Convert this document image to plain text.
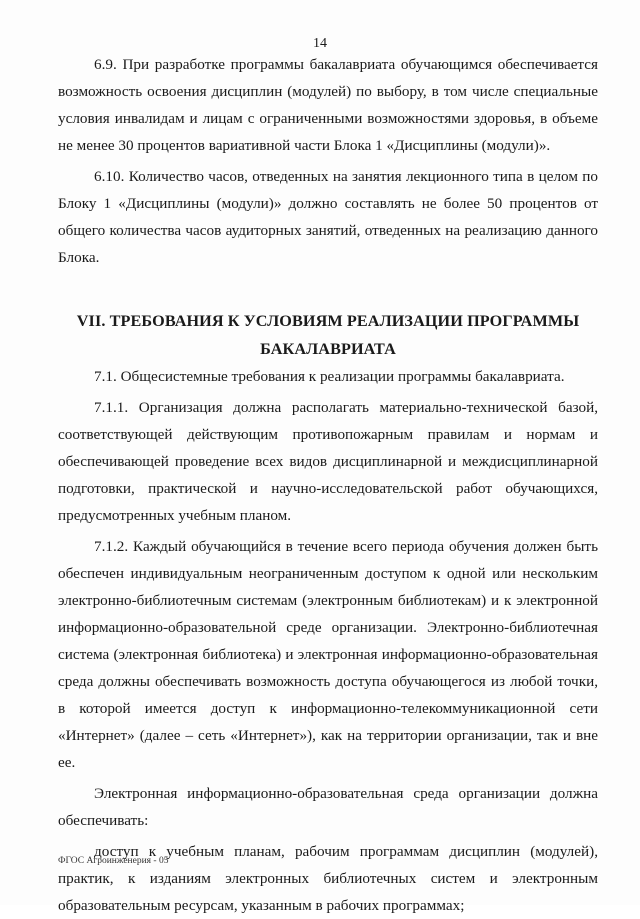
14

6.9. При разработке программы бакалавриата обучающимся обеспечивается возможность освоения дисциплин (модулей) по выбору, в том числе специальные условия инвалидам и лицам с ограниченными возможностями здоровья, в объеме не менее 30 процентов вариативной части Блока 1 «Дисциплины (модули)».

6.10. Количество часов, отведенных на занятия лекционного типа в целом по Блоку 1 «Дисциплины (модули)» должно составлять не более 50 процентов от общего количества часов аудиторных занятий, отведенных на реализацию данного Блока.

VII. ТРЕБОВАНИЯ К УСЛОВИЯМ РЕАЛИЗАЦИИ ПРОГРАММЫ
БАКАЛАВРИАТА

7.1. Общесистемные требования к реализации программы бакалавриата.

7.1.1. Организация должна располагать материально-технической базой, соответствующей действующим противопожарным правилам и нормам и обеспечивающей проведение всех видов дисциплинарной и междисциплинарной подготовки, практической и научно-исследовательской работ обучающихся, предусмотренных учебным планом.

7.1.2. Каждый обучающийся в течение всего периода обучения должен быть обеспечен индивидуальным неограниченным доступом к одной или нескольким электронно-библиотечным системам (электронным библиотекам) и к электронной информационно-образовательной среде организации. Электронно-библиотечная система (электронная библиотека) и электронная информационно-образовательная среда должны обеспечивать возможность доступа обучающегося из любой точки, в которой имеется доступ к информационно-телекоммуникационной сети «Интернет» (далее – сеть «Интернет»), как на территории организации, так и вне ее.

Электронная информационно-образовательная среда организации должна обеспечивать:

доступ к учебным планам, рабочим программам дисциплин (модулей), практик, к изданиям электронных библиотечных систем и электронным образовательным ресурсам, указанным в рабочих программах;

ФГОС Агроинженерия - 05
